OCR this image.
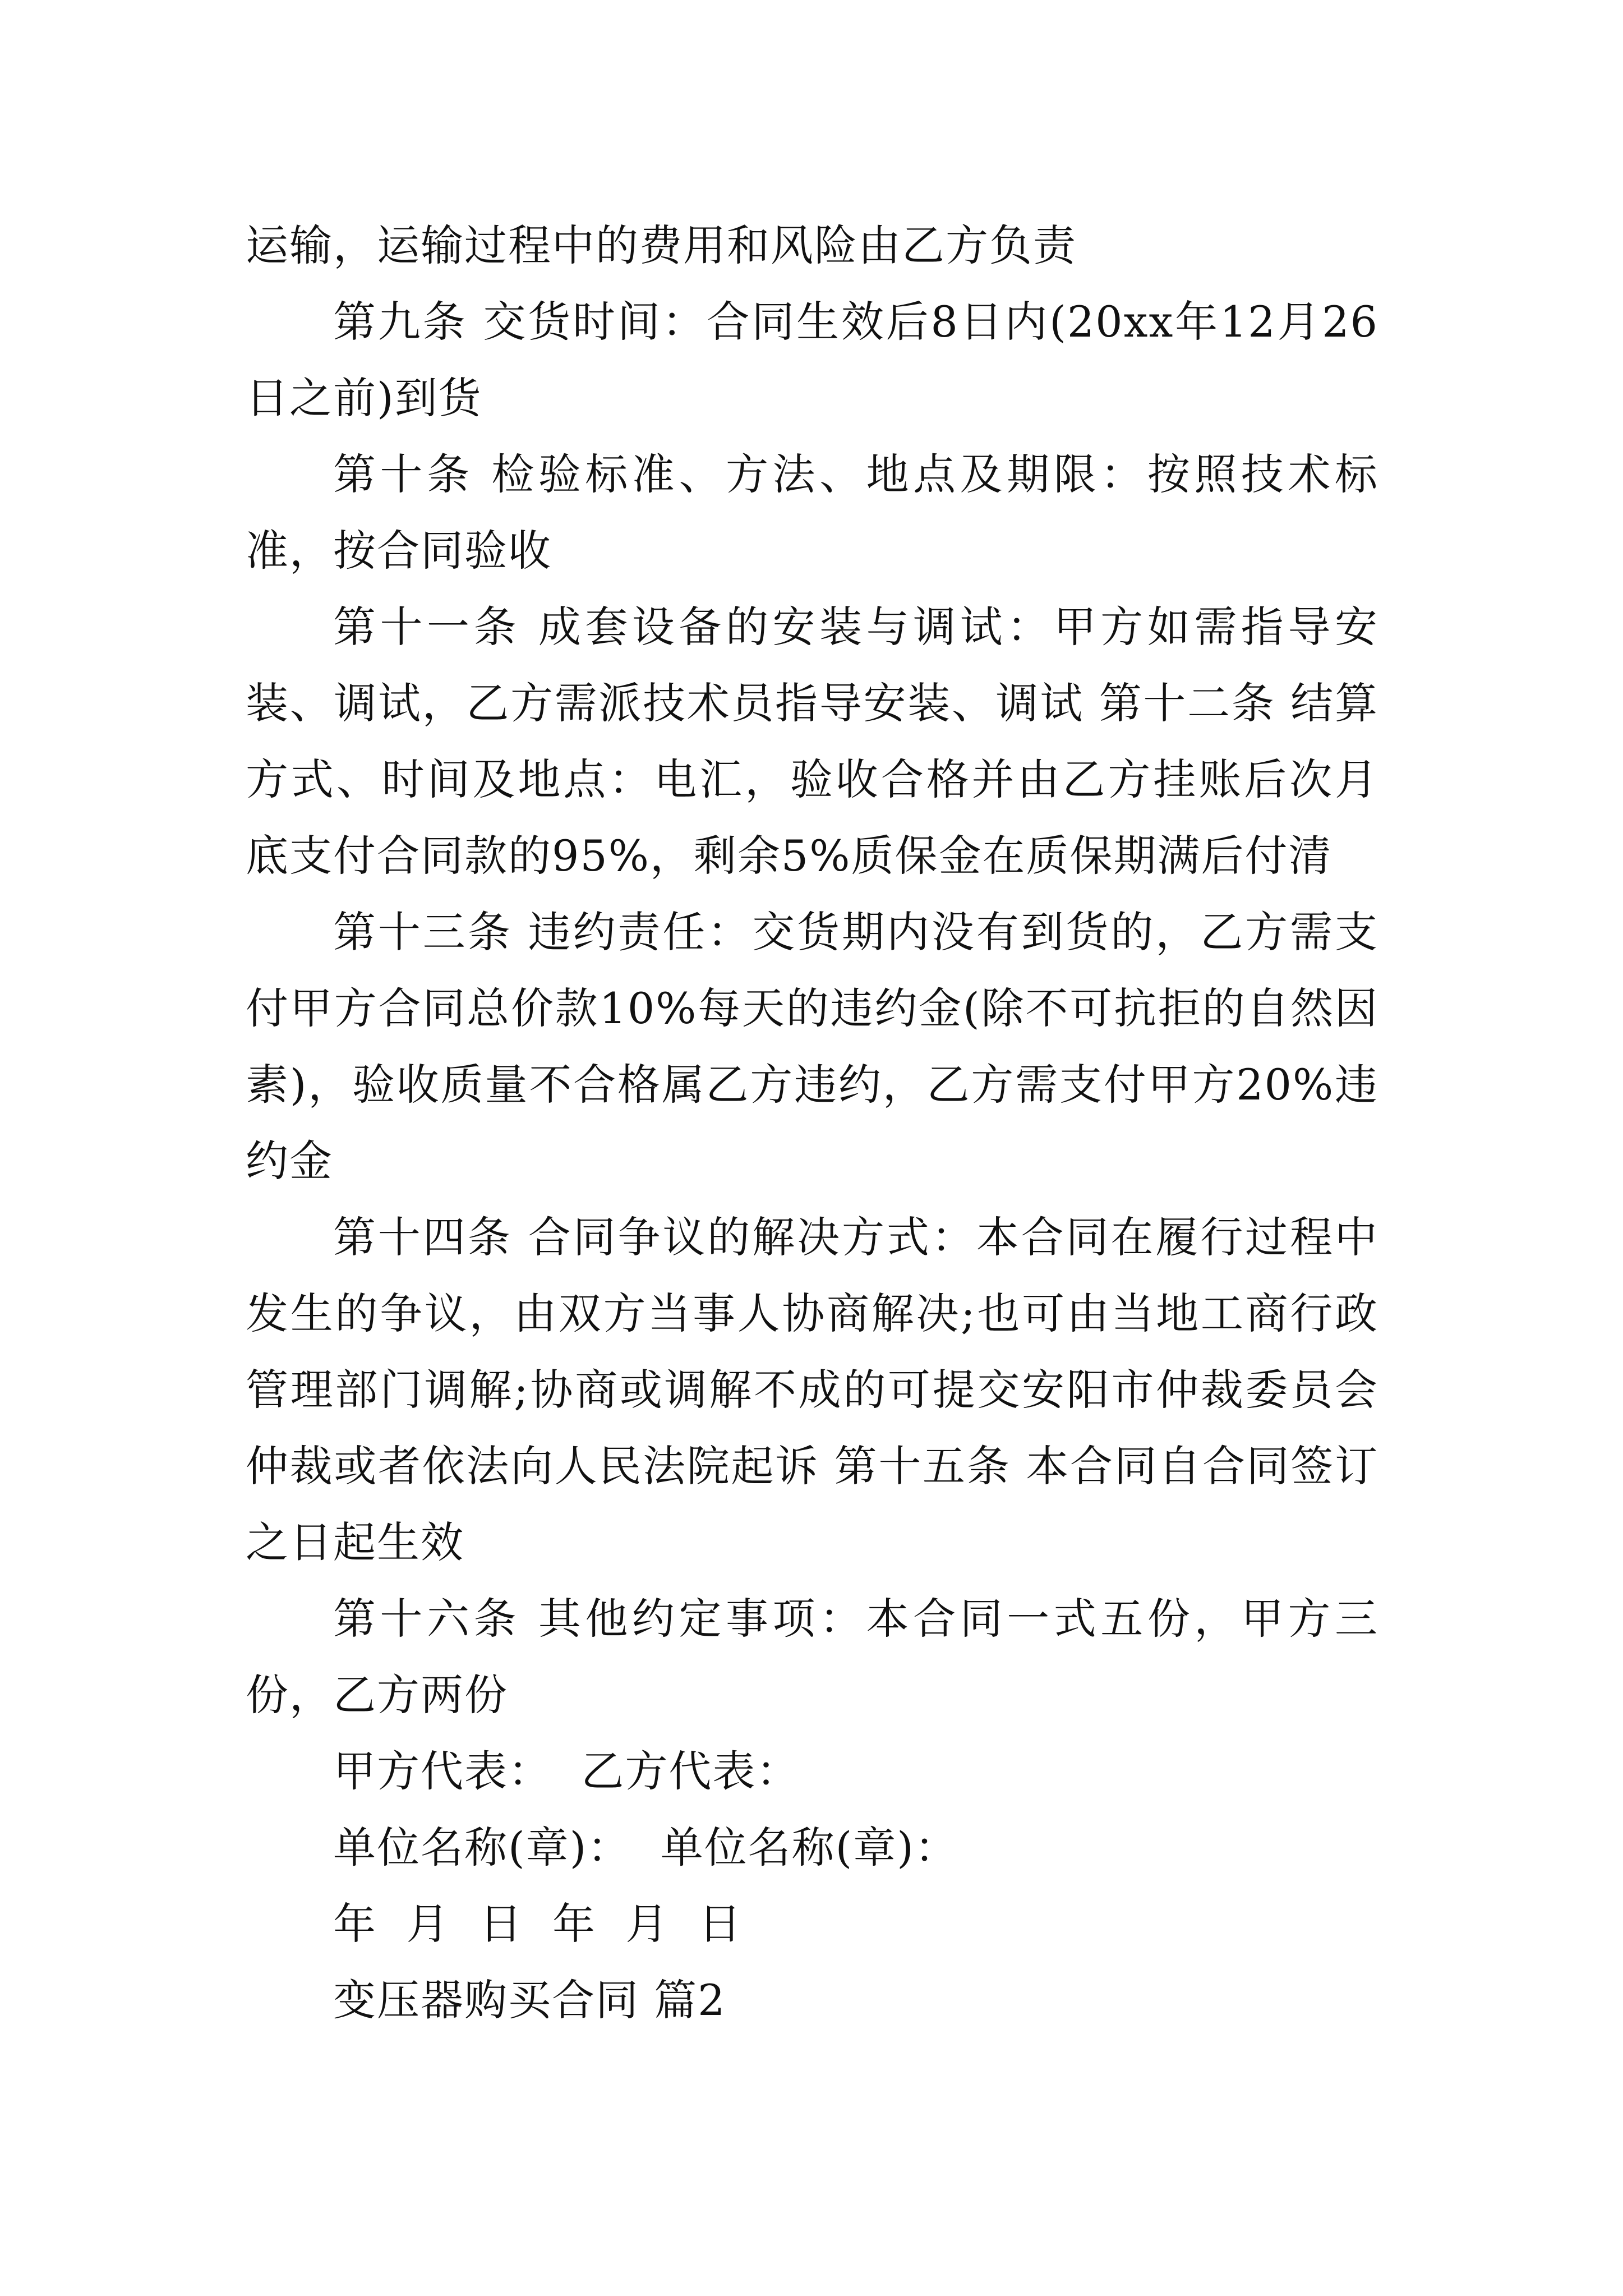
运输，运输过程中的费用和风险由乙方负责

第九条 交货时间：合同生效后8日内(20xx年12月26日之前)到货

第十条 检验标准、方法、地点及期限：按照技术标准，按合同验收

第十一条 成套设备的安装与调试：甲方如需指导安装、调试，乙方需派技术员指导安装、调试 第十二条 结算方式、时间及地点：电汇，验收合格并由乙方挂账后次月底支付合同款的95%，剩余5%质保金在质保期满后付清

第十三条 违约责任：交货期内没有到货的，乙方需支付甲方合同总价款10%每天的违约金(除不可抗拒的自然因素)，验收质量不合格属乙方违约，乙方需支付甲方20%违约金

第十四条 合同争议的解决方式：本合同在履行过程中发生的争议，由双方当事人协商解决;也可由当地工商行政管理部门调解;协商或调解不成的可提交安阳市仲裁委员会仲裁或者依法向人民法院起诉 第十五条 本合同自合同签订之日起生效

第十六条 其他约定事项：本合同一式五份，甲方三份，乙方两份

甲方代表：  乙方代表：

单位名称(章)：  单位名称(章)：

年  月  日  年  月  日

变压器购买合同 篇2
